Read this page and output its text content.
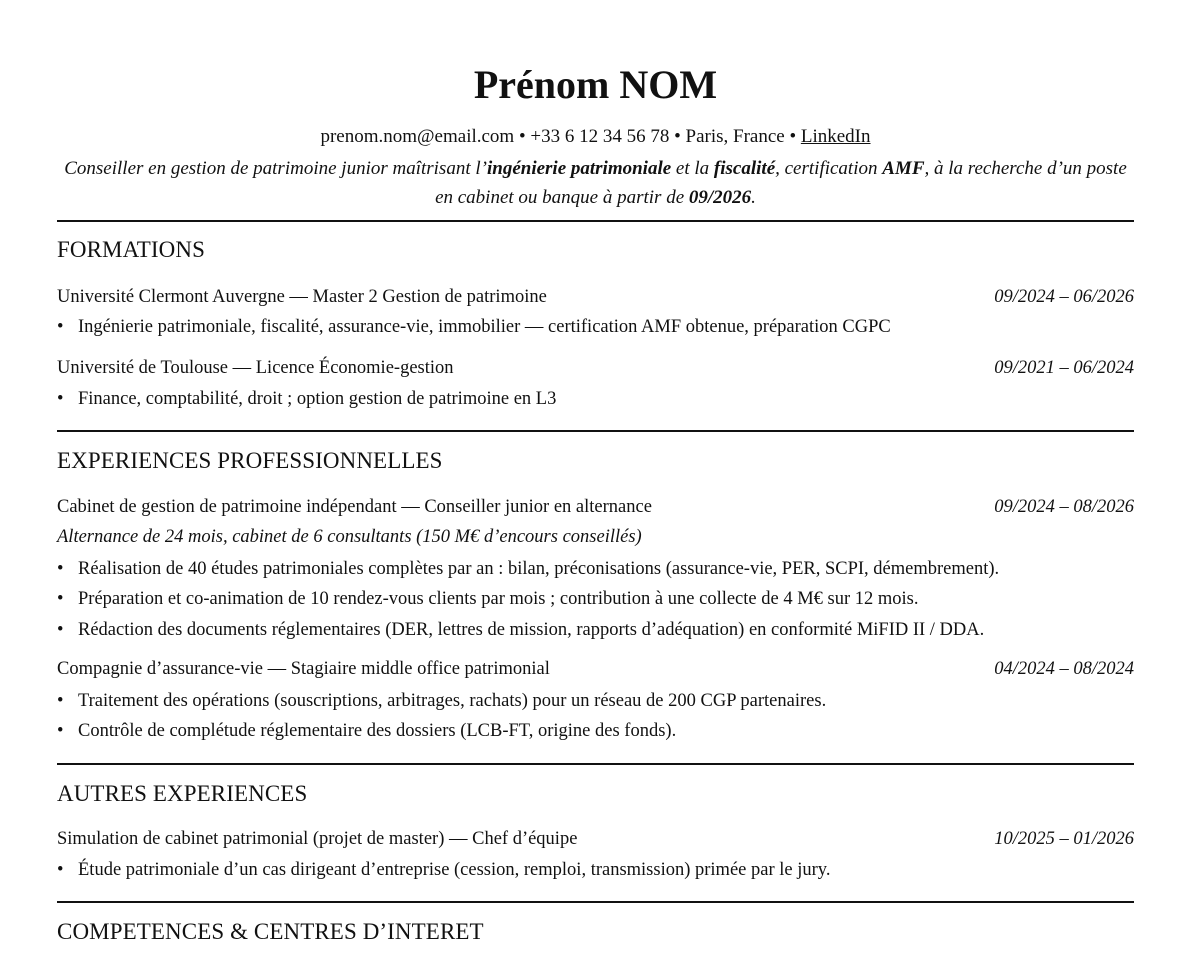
Prénom NOM
prenom.nom@email.com • +33 6 12 34 56 78 • Paris, France • LinkedIn
Conseiller en gestion de patrimoine junior maîtrisant l’ingénierie patrimoniale et la fiscalité, certification AMF, à la recherche d’un poste en cabinet ou banque à partir de 09/2026.
FORMATIONS
Université Clermont Auvergne — Master 2 Gestion de patrimoine	09/2024 – 06/2026
• Ingénierie patrimoniale, fiscalité, assurance-vie, immobilier — certification AMF obtenue, préparation CGPC
Université de Toulouse — Licence Économie-gestion	09/2021 – 06/2024
• Finance, comptabilité, droit ; option gestion de patrimoine en L3
EXPERIENCES PROFESSIONNELLES
Cabinet de gestion de patrimoine indépendant — Conseiller junior en alternance	09/2024 – 08/2026
Alternance de 24 mois, cabinet de 6 consultants (150 M€ d’encours conseillés)
• Réalisation de 40 études patrimoniales complètes par an : bilan, préconisations (assurance-vie, PER, SCPI, démembrement).
• Préparation et co-animation de 10 rendez-vous clients par mois ; contribution à une collecte de 4 M€ sur 12 mois.
• Rédaction des documents réglementaires (DER, lettres de mission, rapports d’adéquation) en conformité MiFID II / DDA.
Compagnie d’assurance-vie — Stagiaire middle office patrimonial	04/2024 – 08/2024
• Traitement des opérations (souscriptions, arbitrages, rachats) pour un réseau de 200 CGP partenaires.
• Contrôle de complétude réglementaire des dossiers (LCB-FT, origine des fonds).
AUTRES EXPERIENCES
Simulation de cabinet patrimonial (projet de master) — Chef d’équipe	10/2025 – 01/2026
• Étude patrimoniale d’un cas dirigeant d’entreprise (cession, remploi, transmission) primée par le jury.
COMPETENCES & CENTRES D’INTERET
